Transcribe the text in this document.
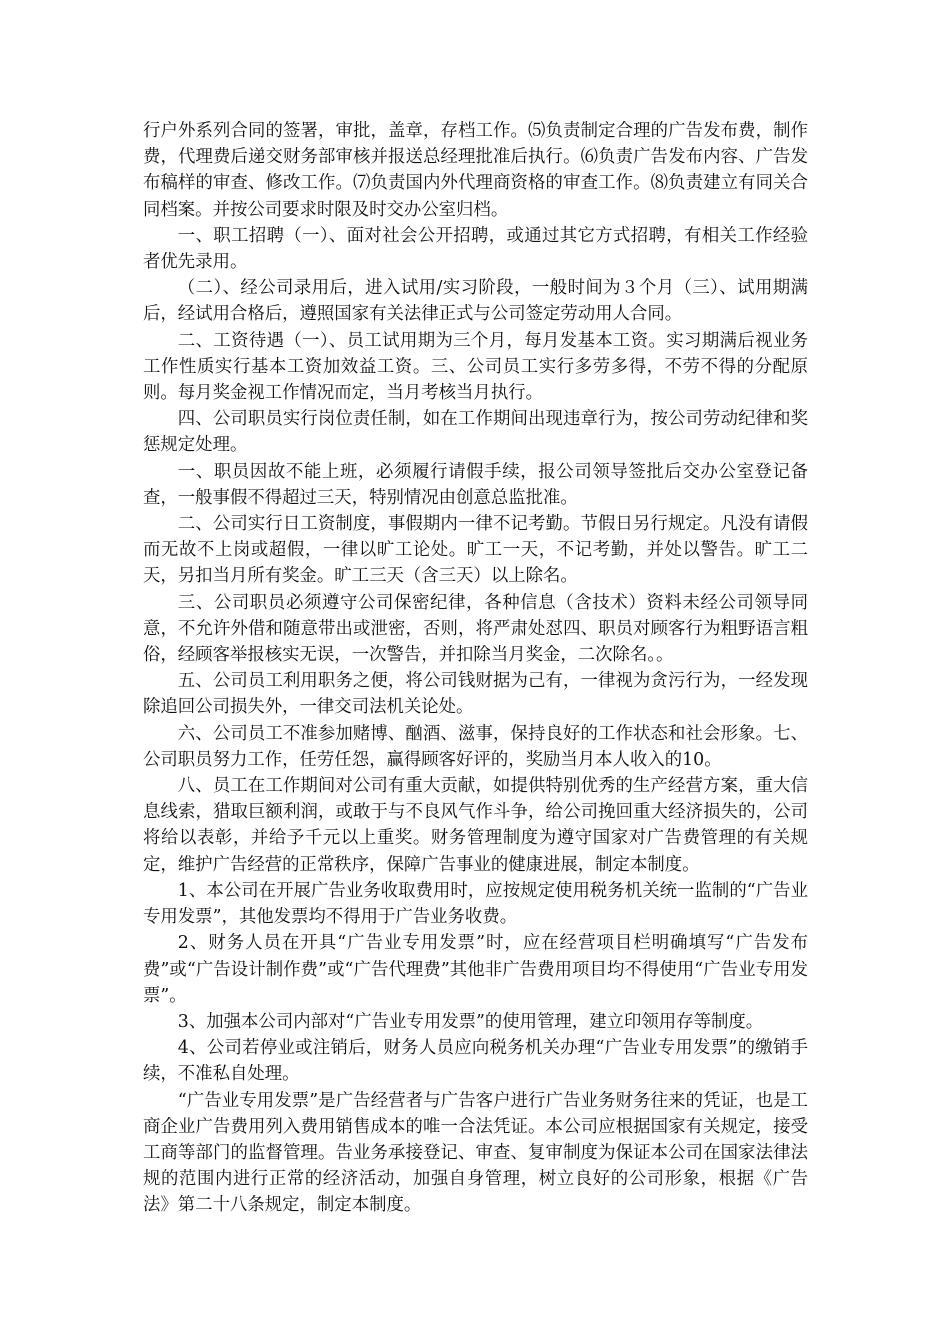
行户外系列合同的签署，审批，盖章，存档工作。⑸负责制定合理的广告发布费，制作费，代理费后递交财务部审核并报送总经理批准后执行。⑹负责广告发布内容、广告发布稿样的审查、修改工作。⑺负责国内外代理商资格的审查工作。⑻负责建立有同关合同档案。并按公司要求时限及时交办公室归档。

一、职工招聘（一）、面对社会公开招聘，或通过其它方式招聘，有相关工作经验者优先录用。

（二）、经公司录用后，进入试用/实习阶段，一般时间为３个月（三）、试用期满后，经试用合格后，遵照国家有关法律正式与公司签定劳动用人合同。

二、工资待遇（一）、员工试用期为三个月，每月发基本工资。实习期满后视业务工作性质实行基本工资加效益工资。三、公司员工实行多劳多得，不劳不得的分配原则。每月奖金视工作情况而定，当月考核当月执行。

四、公司职员实行岗位责任制，如在工作期间出现违章行为，按公司劳动纪律和奖惩规定处理。

一、职员因故不能上班，必须履行请假手续，报公司领导签批后交办公室登记备查，一般事假不得超过三天，特别情况由创意总监批准。

二、公司实行日工资制度，事假期内一律不记考勤。节假日另行规定。凡没有请假而无故不上岗或超假，一律以旷工论处。旷工一天，不记考勤，并处以警告。旷工二天，另扣当月所有奖金。旷工三天（含三天）以上除名。

三、公司职员必须遵守公司保密纪律，各种信息（含技术）资料未经公司领导同意，不允许外借和随意带出或泄密，否则，将严肃处怼四、职员对顾客行为粗野语言粗俗，经顾客举报核实无误，一次警告，并扣除当月奖金，二次除名。。

五、公司员工利用职务之便，将公司钱财据为己有，一律视为贪污行为，一经发现除追回公司损失外，一律交司法机关论处。

六、公司员工不准参加赌博、酗酒、滋事，保持良好的工作状态和社会形象。七、公司职员努力工作，任劳任怨，赢得顾客好评的，奖励当月本人收入的10。

八、员工在工作期间对公司有重大贡献，如提供特别优秀的生产经营方案，重大信息线索，猎取巨额利润，或敢于与不良风气作斗争，给公司挽回重大经济损失的，公司将给以表彰，并给予千元以上重奖。财务管理制度为遵守国家对广告费管理的有关规定，维护广告经营的正常秩序，保障广告事业的健康进展，制定本制度。

1、本公司在开展广告业务收取费用时，应按规定使用税务机关统一监制的“广告业专用发票”，其他发票均不得用于广告业务收费。

2、财务人员在开具“广告业专用发票”时，应在经营项目栏明确填写“广告发布费”或“广告设计制作费”或“广告代理费”其他非广告费用项目均不得使用“广告业专用发票”。

3、加强本公司内部对“广告业专用发票”的使用管理，建立印领用存等制度。

4、公司若停业或注销后，财务人员应向税务机关办理“广告业专用发票”的缴销手续，不准私自处理。

“广告业专用发票”是广告经营者与广告客户进行广告业务财务往来的凭证，也是工商企业广告费用列入费用销售成本的唯一合法凭证。本公司应根据国家有关规定，接受工商等部门的监督管理。告业务承接登记、审查、复审制度为保证本公司在国家法律法规的范围内进行正常的经济活动，加强自身管理，树立良好的公司形象，根据《广告法》第二十八条规定，制定本制度。
